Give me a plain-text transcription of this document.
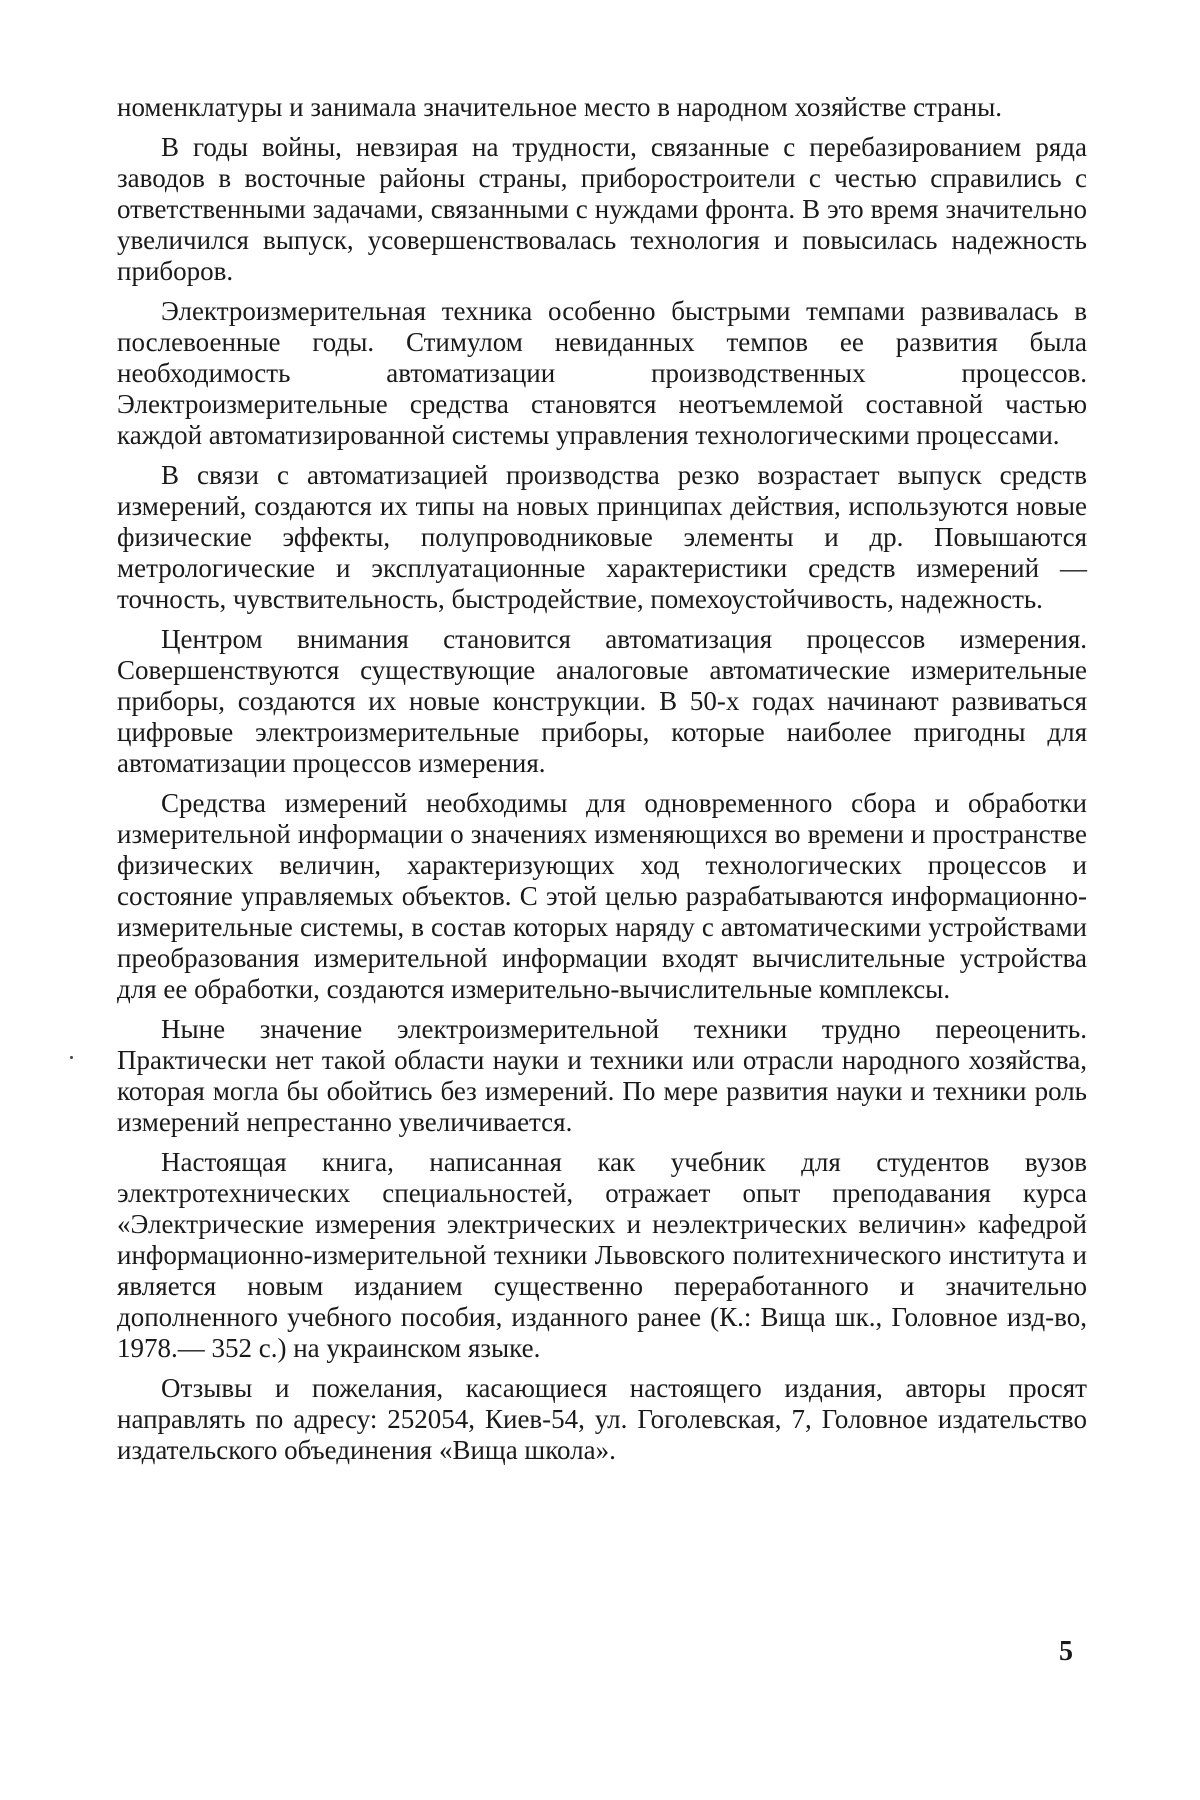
номенклатуры и занимала значительное место в народном хозяйстве страны.

В годы войны, невзирая на трудности, связанные с перебазированием ряда заводов в восточные районы страны, приборостроители с честью справились с ответственными задачами, связанными с нуждами фронта. В это время значительно увеличился выпуск, усовершенствовалась технология и повысилась надежность приборов.

Электроизмерительная техника особенно быстрыми темпами развивалась в послевоенные годы. Стимулом невиданных темпов ее развития была необходимость автоматизации производственных процессов. Электроизмерительные средства становятся неотъемлемой составной частью каждой автоматизированной системы управления технологическими процессами.

В связи с автоматизацией производства резко возрастает выпуск средств измерений, создаются их типы на новых принципах действия, используются новые физические эффекты, полупроводниковые элементы и др. Повышаются метрологические и эксплуатационные характеристики средств измерений — точность, чувствительность, быстродействие, помехоустойчивость, надежность.

Центром внимания становится автоматизация процессов измерения. Совершенствуются существующие аналоговые автоматические измерительные приборы, создаются их новые конструкции. В 50-х годах начинают развиваться цифровые электроизмерительные приборы, которые наиболее пригодны для автоматизации процессов измерения.

Средства измерений необходимы для одновременного сбора и обработки измерительной информации о значениях изменяющихся во времени и пространстве физических величин, характеризующих ход технологических процессов и состояние управляемых объектов. С этой целью разрабатываются информационно-измерительные системы, в состав которых наряду с автоматическими устройствами преобразования измерительной информации входят вычислительные устройства для ее обработки, создаются измерительно-вычислительные комплексы.

Ныне значение электроизмерительной техники трудно переоценить. Практически нет такой области науки и техники или отрасли народного хозяйства, которая могла бы обойтись без измерений. По мере развития науки и техники роль измерений непрестанно увеличивается.

Настоящая книга, написанная как учебник для студентов вузов электротехнических специальностей, отражает опыт преподавания курса «Электрические измерения электрических и неэлектрических величин» кафедрой информационно-измерительной техники Львовского политехнического института и является новым изданием существенно переработанного и значительно дополненного учебного пособия, изданного ранее (К.: Вища шк., Головное изд-во, 1978.— 352 с.) на украинском языке.

Отзывы и пожелания, касающиеся настоящего издания, авторы просят направлять по адресу: 252054, Киев-54, ул. Гоголевская, 7, Головное издательство издательского объединения «Вища школа».

5
